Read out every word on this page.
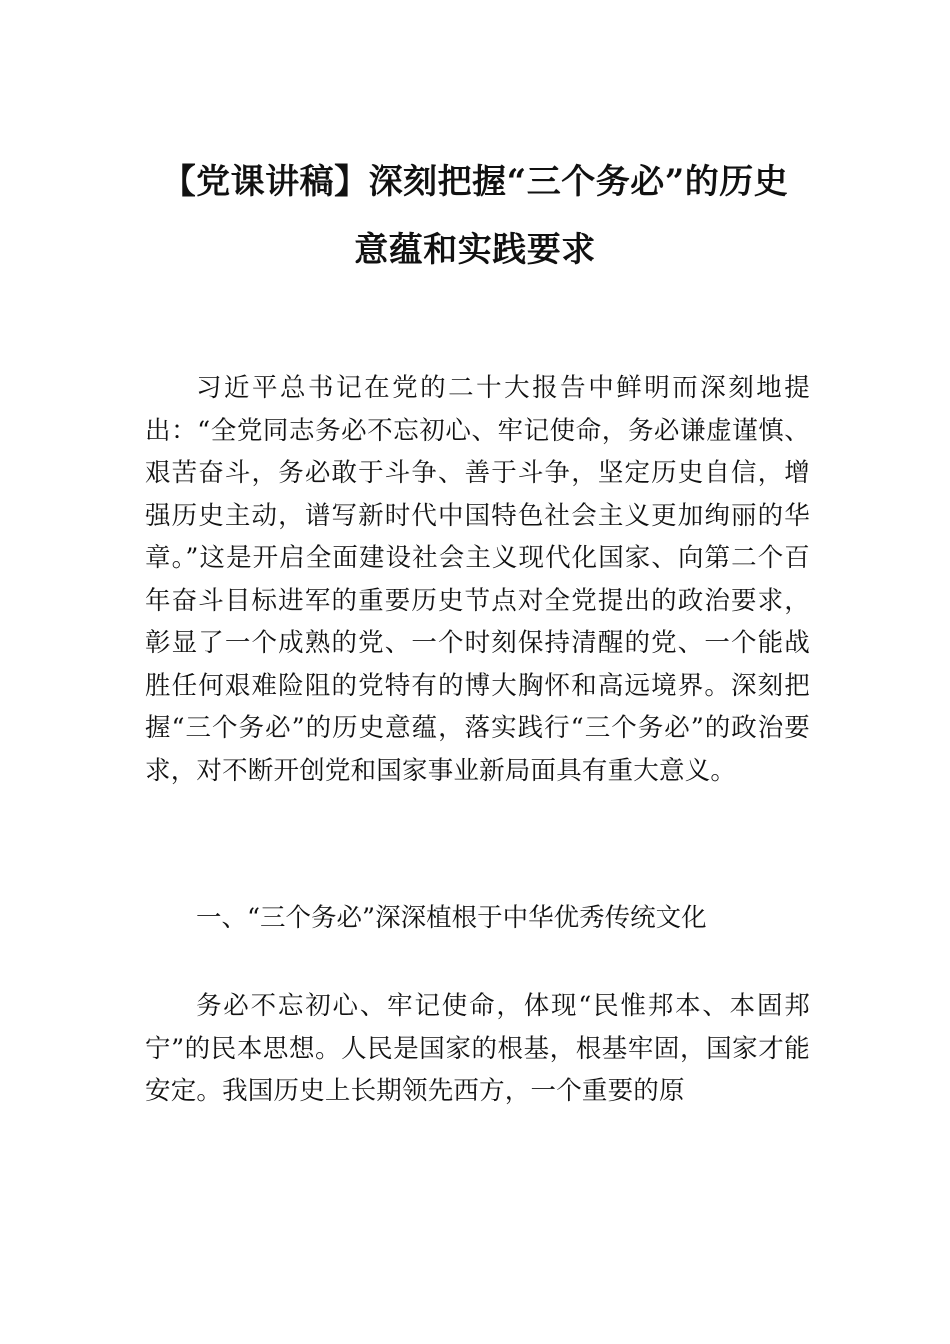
【党课讲稿】深刻把握“三个务必”的历史
意蕴和实践要求

习近平总书记在党的二十大报告中鲜明而深刻地提出：“全党同志务必不忘初心、牢记使命，务必谦虚谨慎、艰苦奋斗，务必敢于斗争、善于斗争，坚定历史自信，增强历史主动，谱写新时代中国特色社会主义更加绚丽的华章。”这是开启全面建设社会主义现代化国家、向第二个百年奋斗目标进军的重要历史节点对全党提出的政治要求，彰显了一个成熟的党、一个时刻保持清醒的党、一个能战胜任何艰难险阻的党特有的博大胸怀和高远境界。深刻把握“三个务必”的历史意蕴，落实践行“三个务必”的政治要求，对不断开创党和国家事业新局面具有重大意义。

一、“三个务必”深深植根于中华优秀传统文化

务必不忘初心、牢记使命，体现“民惟邦本、本固邦宁”的民本思想。人民是国家的根基，根基牢固，国家才能安定。我国历史上长期领先西方，一个重要的原
